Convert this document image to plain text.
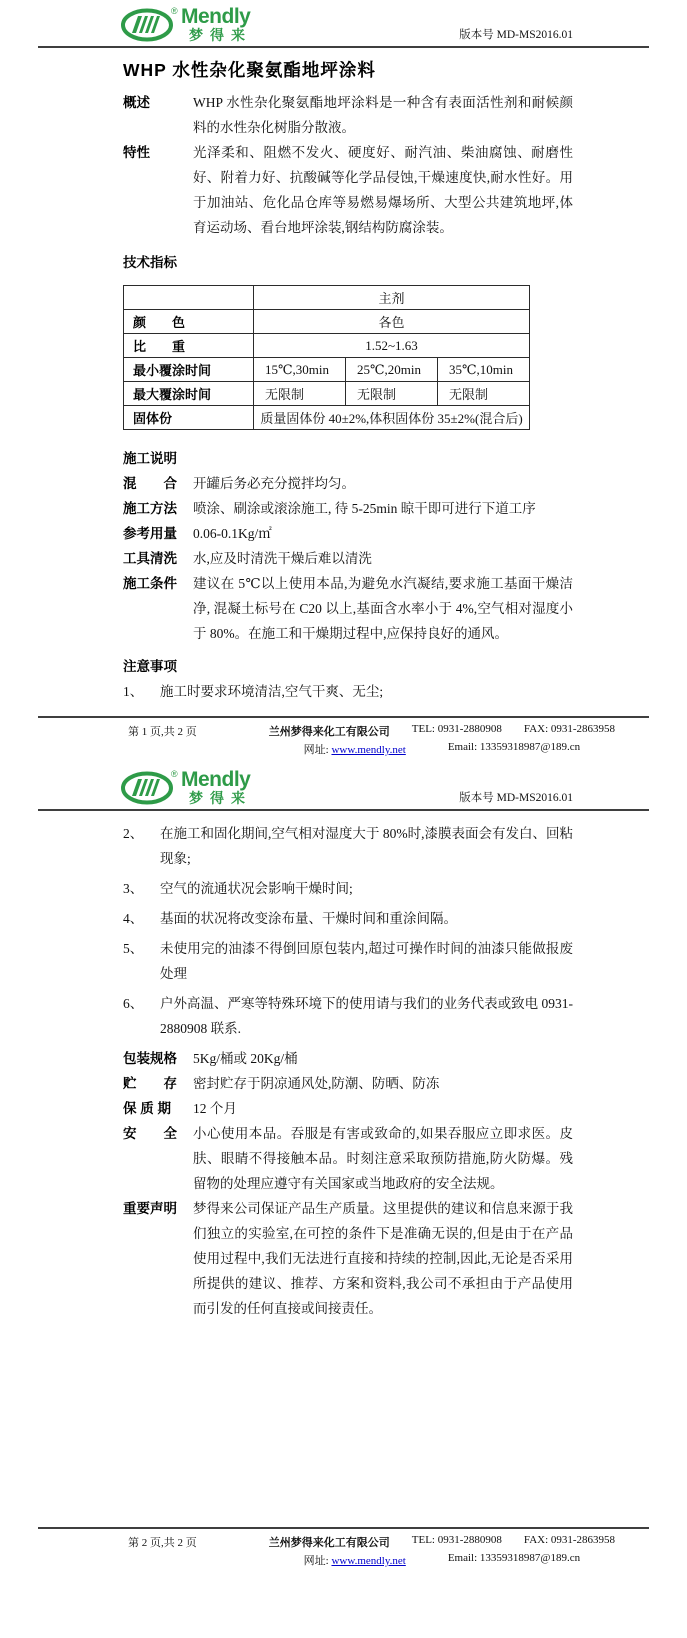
® Mendly
梦得来	版本号 MD-MS2016.01
WHP 水性杂化聚氨酯地坪涂料
概述	WHP 水性杂化聚氨酯地坪涂料是一种含有表面活性剂和耐候颜料的水性杂化树脂分散液。
特性	光泽柔和、阻燃不发火、硬度好、耐汽油、柴油腐蚀、耐磨性好、附着力好、抗酸碱等化学品侵蚀,干燥速度快,耐水性好。用于加油站、危化品仓库等易燃易爆场所、大型公共建筑地坪,体育运动场、看台地坪涂装,钢结构防腐涂装。
技术指标
	主剂		
颜　　色	各色		
比　　重	1.52~1.63		
最小覆涂时间	15℃,30min	25℃,20min	35℃,10min
最大覆涂时间	无限制	无限制	无限制
固体份	质量固体份 40±2%,体积固体份 35±2%(混合后)		
施工说明
混　　合	开罐后务必充分搅拌均匀。
施工方法	喷涂、刷涂或滚涂施工, 待 5-25min 晾干即可进行下道工序
参考用量	0.06-0.1Kg/㎡
工具清洗	水,应及时清洗干燥后难以清洗
施工条件	建议在 5℃以上使用本品,为避免水汽凝结,要求施工基面干燥洁净, 混凝土标号在 C20 以上,基面含水率小于 4%,空气相对湿度小于 80%。在施工和干燥期过程中,应保持良好的通风。
注意事项
1、	施工时要求环境清洁,空气干爽、无尘;
第 1 页,共 2 页	兰州梦得来化工有限公司 TEL: 0931-2880908 FAX: 0931-2863958
网址: www.mendly.net	Email: 13359318987@189.cn
® Mendly
梦得来	版本号 MD-MS2016.01
2、	在施工和固化期间,空气相对湿度大于 80%时,漆膜表面会有发白、回粘现象;
3、	空气的流通状况会影响干燥时间;
4、	基面的状况将改变涂布量、干燥时间和重涂间隔。
5、	未使用完的油漆不得倒回原包装内,超过可操作时间的油漆只能做报废处理
6、	户外高温、严寒等特殊环境下的使用请与我们的业务代表或致电 0931-2880908 联系.
包装规格	5Kg/桶或 20Kg/桶
贮　　存	密封贮存于阴凉通风处,防潮、防晒、防冻
保 质 期	12 个月
安　　全	小心使用本品。吞服是有害或致命的,如果吞服应立即求医。皮肤、眼睛不得接触本品。时刻注意采取预防措施,防火防爆。残留物的处理应遵守有关国家或当地政府的安全法规。
重要声明	梦得来公司保证产品生产质量。这里提供的建议和信息来源于我们独立的实验室,在可控的条件下是准确无误的,但是由于在产品使用过程中,我们无法进行直接和持续的控制,因此,无论是否采用所提供的建议、推荐、方案和资料,我公司不承担由于产品使用而引发的任何直接或间接责任。
第 2 页,共 2 页	兰州梦得来化工有限公司 TEL: 0931-2880908 FAX: 0931-2863958
网址: www.mendly.net	Email: 13359318987@189.cn
